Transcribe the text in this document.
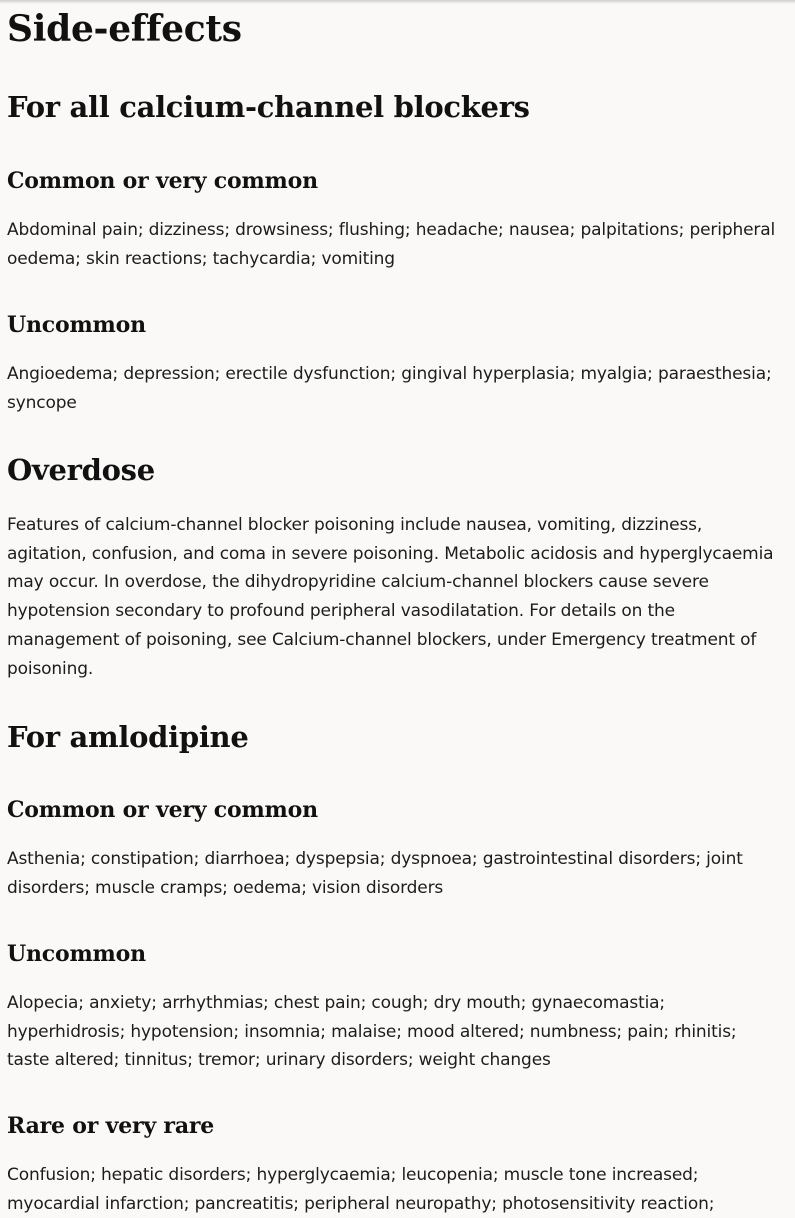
Side-effects
For all calcium-channel blockers
Common or very common

Abdominal pain; dizziness; drowsiness; flushing; headache; nausea; palpitations; peripheral oedema; skin reactions; tachycardia; vomiting

Uncommon

Angioedema; depression; erectile dysfunction; gingival hyperplasia; myalgia; paraesthesia; syncope

Overdose

Features of calcium-channel blocker poisoning include nausea, vomiting, dizziness, agitation, confusion, and coma in severe poisoning. Metabolic acidosis and hyperglycaemia may occur. In overdose, the dihydropyridine calcium-channel blockers cause severe hypotension secondary to profound peripheral vasodilatation. For details on the management of poisoning, see Calcium-channel blockers, under Emergency treatment of poisoning.

For amlodipine
Common or very common

Asthenia; constipation; diarrhoea; dyspepsia; dyspnoea; gastrointestinal disorders; joint disorders; muscle cramps; oedema; vision disorders

Uncommon

Alopecia; anxiety; arrhythmias; chest pain; cough; dry mouth; gynaecomastia; hyperhidrosis; hypotension; insomnia; malaise; mood altered; numbness; pain; rhinitis; taste altered; tinnitus; tremor; urinary disorders; weight changes

Rare or very rare

Confusion; hepatic disorders; hyperglycaemia; leucopenia; muscle tone increased; myocardial infarction; pancreatitis; peripheral neuropathy; photosensitivity reaction;
